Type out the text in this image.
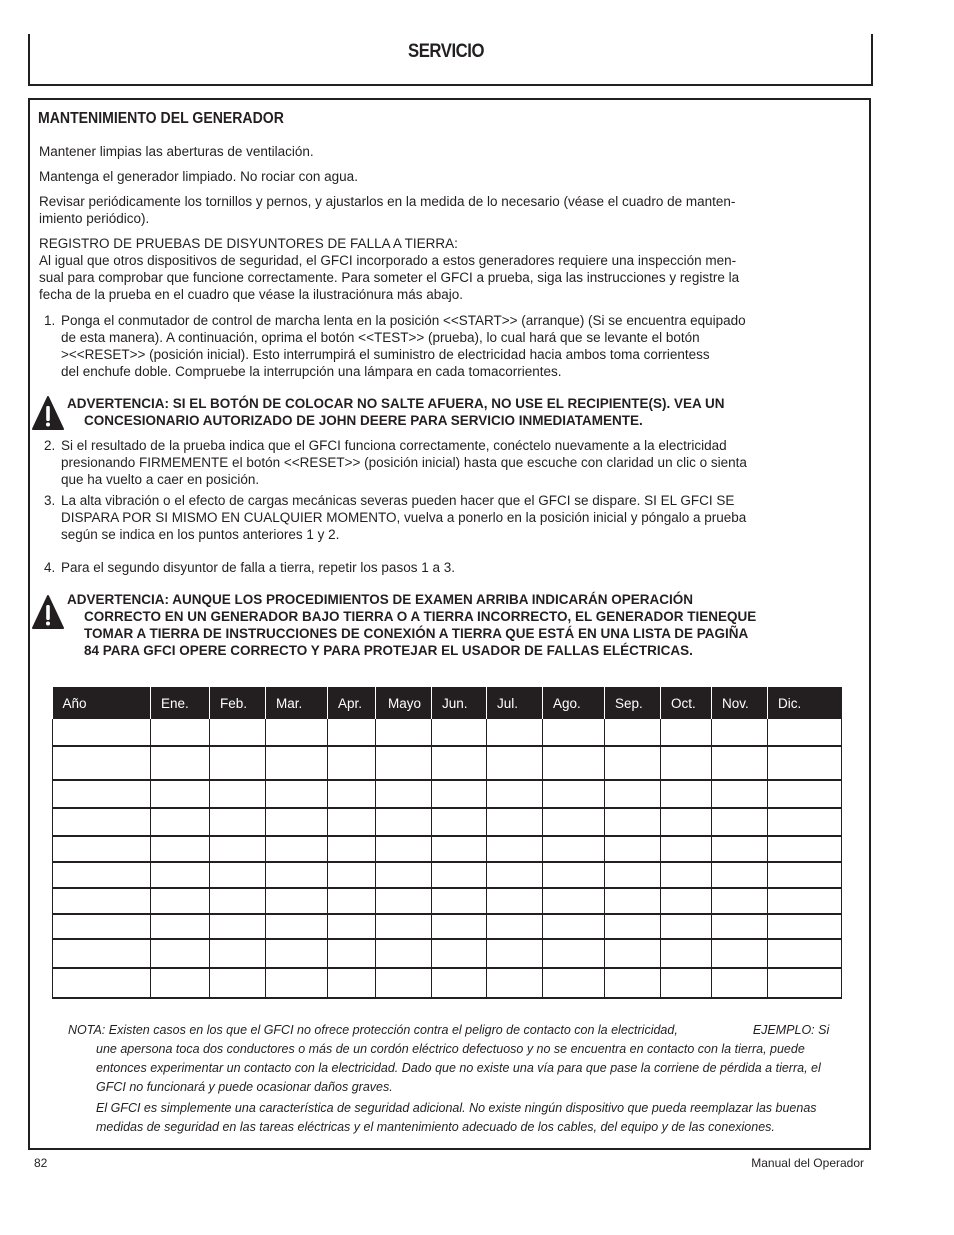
SERVICIO
MANTENIMIENTO DEL GENERADOR
Mantener limpias las aberturas de ventilación.
Mantenga el generador limpiado. No rociar con agua.
Revisar periódicamente los tornillos y pernos, y ajustarlos en la medida de lo necesario (véase el cuadro de manten-
imiento periódico).
REGISTRO DE PRUEBAS DE DISYUNTORES DE FALLA A TIERRA:
Al igual que otros dispositivos de seguridad, el GFCI incorporado a estos generadores requiere una inspección men-
sual para comprobar que funcione correctamente. Para someter el GFCI a prueba, siga las instrucciones y registre la
fecha de la prueba en el cuadro que véase la ilustraciónura más abajo.
1. Ponga el conmutador de control de marcha lenta en la posición <<START>> (arranque) (Si se encuentra equipado
de esta manera). A continuación, oprima el botón <<TEST>> (prueba), lo cual hará que se levante el botón
><<RESET>> (posición inicial). Esto interrumpirá el suministro de electricidad hacia ambos toma corrientess
del enchufe doble. Compruebe la interrupción una lámpara en cada tomacorrientes.
ADVERTENCIA: SI EL BOTÓN DE COLOCAR NO SALTE AFUERA, NO USE EL RECIPIENTE(S). VEA UN
CONCESIONARIO AUTORIZADO DE JOHN DEERE PARA SERVICIO INMEDIATAMENTE.
2. Si el resultado de la prueba indica que el GFCI funciona correctamente, conéctelo nuevamente a la electricidad
presionando FIRMEMENTE el botón <<RESET>> (posición inicial) hasta que escuche con claridad un clic o sienta
que ha vuelto a caer en posición.
3. La alta vibración o el efecto de cargas mecánicas severas pueden hacer que el GFCI se dispare. SI EL GFCI SE
DISPARA POR SI MISMO EN CUALQUIER MOMENTO, vuelva a ponerlo en la posición inicial y póngalo a prueba
según se indica en los puntos anteriores 1 y 2.
4. Para el segundo disyuntor de falla a tierra, repetir los pasos 1 a 3.
ADVERTENCIA: AUNQUE LOS PROCEDIMIENTOS DE EXAMEN ARRIBA INDICARÁN OPERACIÓN
CORRECTO EN UN GENERADOR BAJO TIERRA O A TIERRA INCORRECTO, EL GENERADOR TIENEQUE
TOMAR A TIERRA DE INSTRUCCIONES DE CONEXIÓN A TIERRA QUE ESTÁ EN UNA LISTA DE PAGIÑA
84 PARA GFCI OPERE CORRECTO Y PARA PROTEJAR EL USADOR DE FALLAS ELÉCTRICAS.
Año	Ene.	Feb.	Mar.	Apr.	Mayo	Jun.	Jul.	Ago.	Sep.	Oct.	Nov.	Dic.

NOTA: Existen casos en los que el GFCI no ofrece protección contra el peligro de contacto con la electricidad,	EJEMPLO: Si
une apersona toca dos conductores o más de un cordón eléctrico defectuoso y no se encuentra en contacto con la tierra, puede
entonces experimentar un contacto con la electricidad. Dado que no existe una vía para que pase la corriene de pérdida a tierra, el
GFCI no funcionará y puede ocasionar daños graves.
El GFCI es simplemente una característica de seguridad adicional. No existe ningún dispositivo que pueda reemplazar las buenas
medidas de seguridad en las tareas eléctricas y el mantenimiento adecuado de los cables, del equipo y de las conexiones.
82	Manual del Operador
